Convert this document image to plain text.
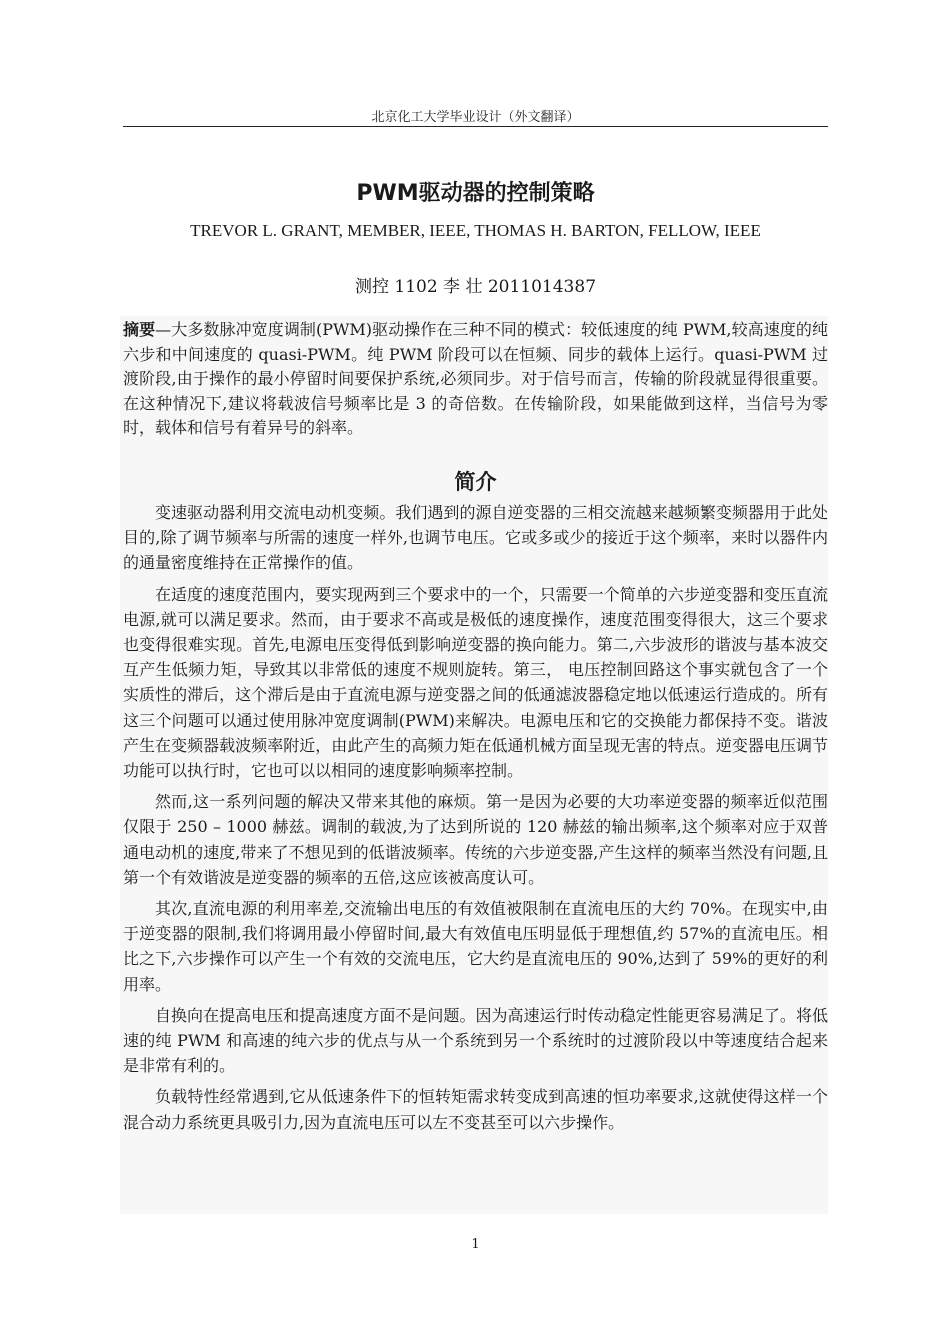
北京化工大学毕业设计（外文翻译）
PWM驱动器的控制策略
TREVOR L. GRANT, MEMBER, IEEE, THOMAS H. BARTON, FELLOW, IEEE
测控 1102 李 壮 2011014387
摘要—大多数脉冲宽度调制(PWM)驱动操作在三种不同的模式：较低速度的纯 PWM,较高速度的纯六步和中间速度的 quasi-PWM。纯 PWM 阶段可以在恒频、同步的载体上运行。quasi-PWM 过渡阶段,由于操作的最小停留时间要保护系统,必须同步。对于信号而言，传输的阶段就显得很重要。在这种情况下,建议将载波信号频率比是 3 的奇倍数。在传输阶段，如果能做到这样，当信号为零时，载体和信号有着异号的斜率。
简介

变速驱动器利用交流电动机变频。我们遇到的源自逆变器的三相交流越来越频繁变频器用于此处目的,除了调节频率与所需的速度一样外,也调节电压。它或多或少的接近于这个频率，来时以器件内的通量密度维持在正常操作的值。

在适度的速度范围内，要实现两到三个要求中的一个，只需要一个简单的六步逆变器和变压直流电源,就可以满足要求。然而，由于要求不高或是极低的速度操作，速度范围变得很大，这三个要求也变得很难实现。首先,电源电压变得低到影响逆变器的换向能力。第二,六步波形的谐波与基本波交互产生低频力矩，导致其以非常低的速度不规则旋转。第三， 电压控制回路这个事实就包含了一个实质性的滞后，这个滞后是由于直流电源与逆变器之间的低通滤波器稳定地以低速运行造成的。所有这三个问题可以通过使用脉冲宽度调制(PWM)来解决。电源电压和它的交换能力都保持不变。谐波产生在变频器载波频率附近，由此产生的高频力矩在低通机械方面呈现无害的特点。逆变器电压调节功能可以执行时，它也可以以相同的速度影响频率控制。

然而,这一系列问题的解决又带来其他的麻烦。第一是因为必要的大功率逆变器的频率近似范围仅限于 250 – 1000 赫兹。调制的载波,为了达到所说的 120 赫兹的输出频率,这个频率对应于双普通电动机的速度,带来了不想见到的低谐波频率。传统的六步逆变器,产生这样的频率当然没有问题,且第一个有效谐波是逆变器的频率的五倍,这应该被高度认可。

其次,直流电源的利用率差,交流输出电压的有效值被限制在直流电压的大约 70%。在现实中,由于逆变器的限制,我们将调用最小停留时间,最大有效值电压明显低于理想值,约 57%的直流电压。相比之下,六步操作可以产生一个有效的交流电压，它大约是直流电压的 90%,达到了 59%的更好的利用率。

自换向在提高电压和提高速度方面不是问题。因为高速运行时传动稳定性能更容易满足了。将低速的纯 PWM 和高速的纯六步的优点与从一个系统到另一个系统时的过渡阶段以中等速度结合起来是非常有利的。

负载特性经常遇到,它从低速条件下的恒转矩需求转变成到高速的恒功率要求,这就使得这样一个混合动力系统更具吸引力,因为直流电压可以左不变甚至可以六步操作。

1
